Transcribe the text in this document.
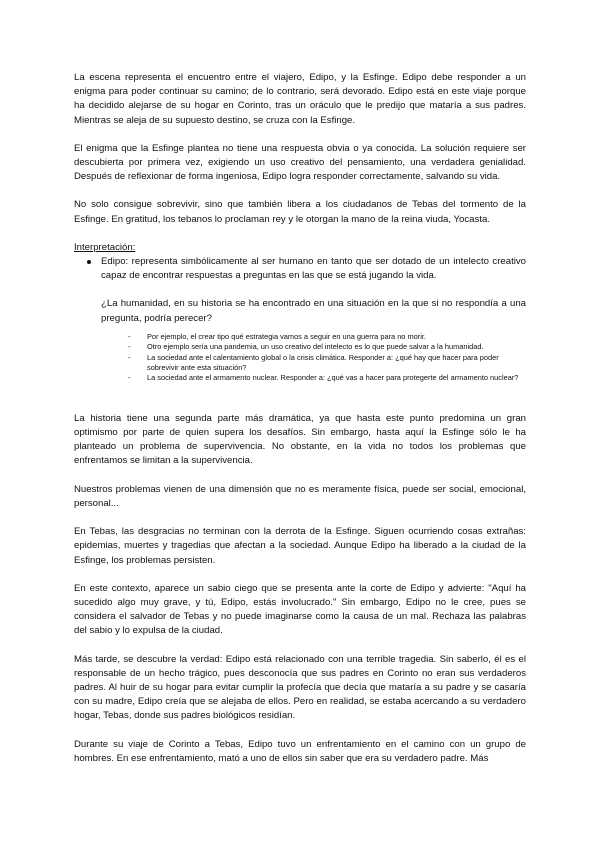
La escena representa el encuentro entre el viajero, Edipo, y la Esfinge. Edipo debe responder a un enigma para poder continuar su camino; de lo contrario, será devorado. Edipo está en este viaje porque ha decidido alejarse de su hogar en Corinto, tras un oráculo que le predijo que mataría a sus padres. Mientras se aleja de su supuesto destino, se cruza con la Esfinge.

El enigma que la Esfinge plantea no tiene una respuesta obvia o ya conocida. La solución requiere ser descubierta por primera vez, exigiendo un uso creativo del pensamiento, una verdadera genialidad. Después de reflexionar de forma ingeniosa, Edipo logra responder correctamente, salvando su vida.

No solo consigue sobrevivir, sino que también libera a los ciudadanos de Tebas del tormento de la Esfinge. En gratitud, los tebanos lo proclaman rey y le otorgan la mano de la reina viuda, Yocasta.

Interpretación:

Edipo: representa simbólicamente al ser humano en tanto que ser dotado de un intelecto creativo capaz de encontrar respuestas a preguntas en las que se está jugando la vida.

¿La humanidad, en su historia se ha encontrado en una situación en la que si no respondía a una pregunta, podría perecer?

- Por ejemplo, el crear tipo qué estrategia vamos a seguir en una guerra para no morir.

- Otro ejemplo sería una pandemia, un uso creativo del intelecto es lo que puede salvar a la humanidad.

- La sociedad ante el calentamiento global o la crisis climática. Responder a: ¿qué hay que hacer para poder sobrevivir ante esta situación?

- La sociedad ante el armamento nuclear. Responder a: ¿qué vas a hacer para protegerte del armamento nuclear?

La historia tiene una segunda parte más dramática, ya que hasta este punto predomina un gran optimismo por parte de quien supera los desafíos. Sin embargo, hasta aquí la Esfinge sólo le ha planteado un problema de supervivencia. No obstante, en la vida no todos los problemas que enfrentamos se limitan a la supervivencia.

Nuestros problemas vienen de una dimensión que no es meramente física, puede ser social, emocional, personal...

En Tebas, las desgracias no terminan con la derrota de la Esfinge. Siguen ocurriendo cosas extrañas: epidemias, muertes y tragedias que afectan a la sociedad. Aunque Edipo ha liberado a la ciudad de la Esfinge, los problemas persisten.

En este contexto, aparece un sabio ciego que se presenta ante la corte de Edipo y advierte: "Aquí ha sucedido algo muy grave, y tú, Edipo, estás involucrado." Sin embargo, Edipo no le cree, pues se considera el salvador de Tebas y no puede imaginarse como la causa de un mal. Rechaza las palabras del sabio y lo expulsa de la ciudad.

Más tarde, se descubre la verdad: Edipo está relacionado con una terrible tragedia. Sin saberlo, él es el responsable de un hecho trágico, pues desconocía que sus padres en Corinto no eran sus verdaderos padres. Al huir de su hogar para evitar cumplir la profecía que decía que mataría a su padre y se casaría con su madre, Edipo creía que se alejaba de ellos. Pero en realidad, se estaba acercando a su verdadero hogar, Tebas, donde sus padres biológicos residían.

Durante su viaje de Corinto a Tebas, Edipo tuvo un enfrentamiento en el camino con un grupo de hombres. En ese enfrentamiento, mató a uno de ellos sin saber que era su verdadero padre. Más
